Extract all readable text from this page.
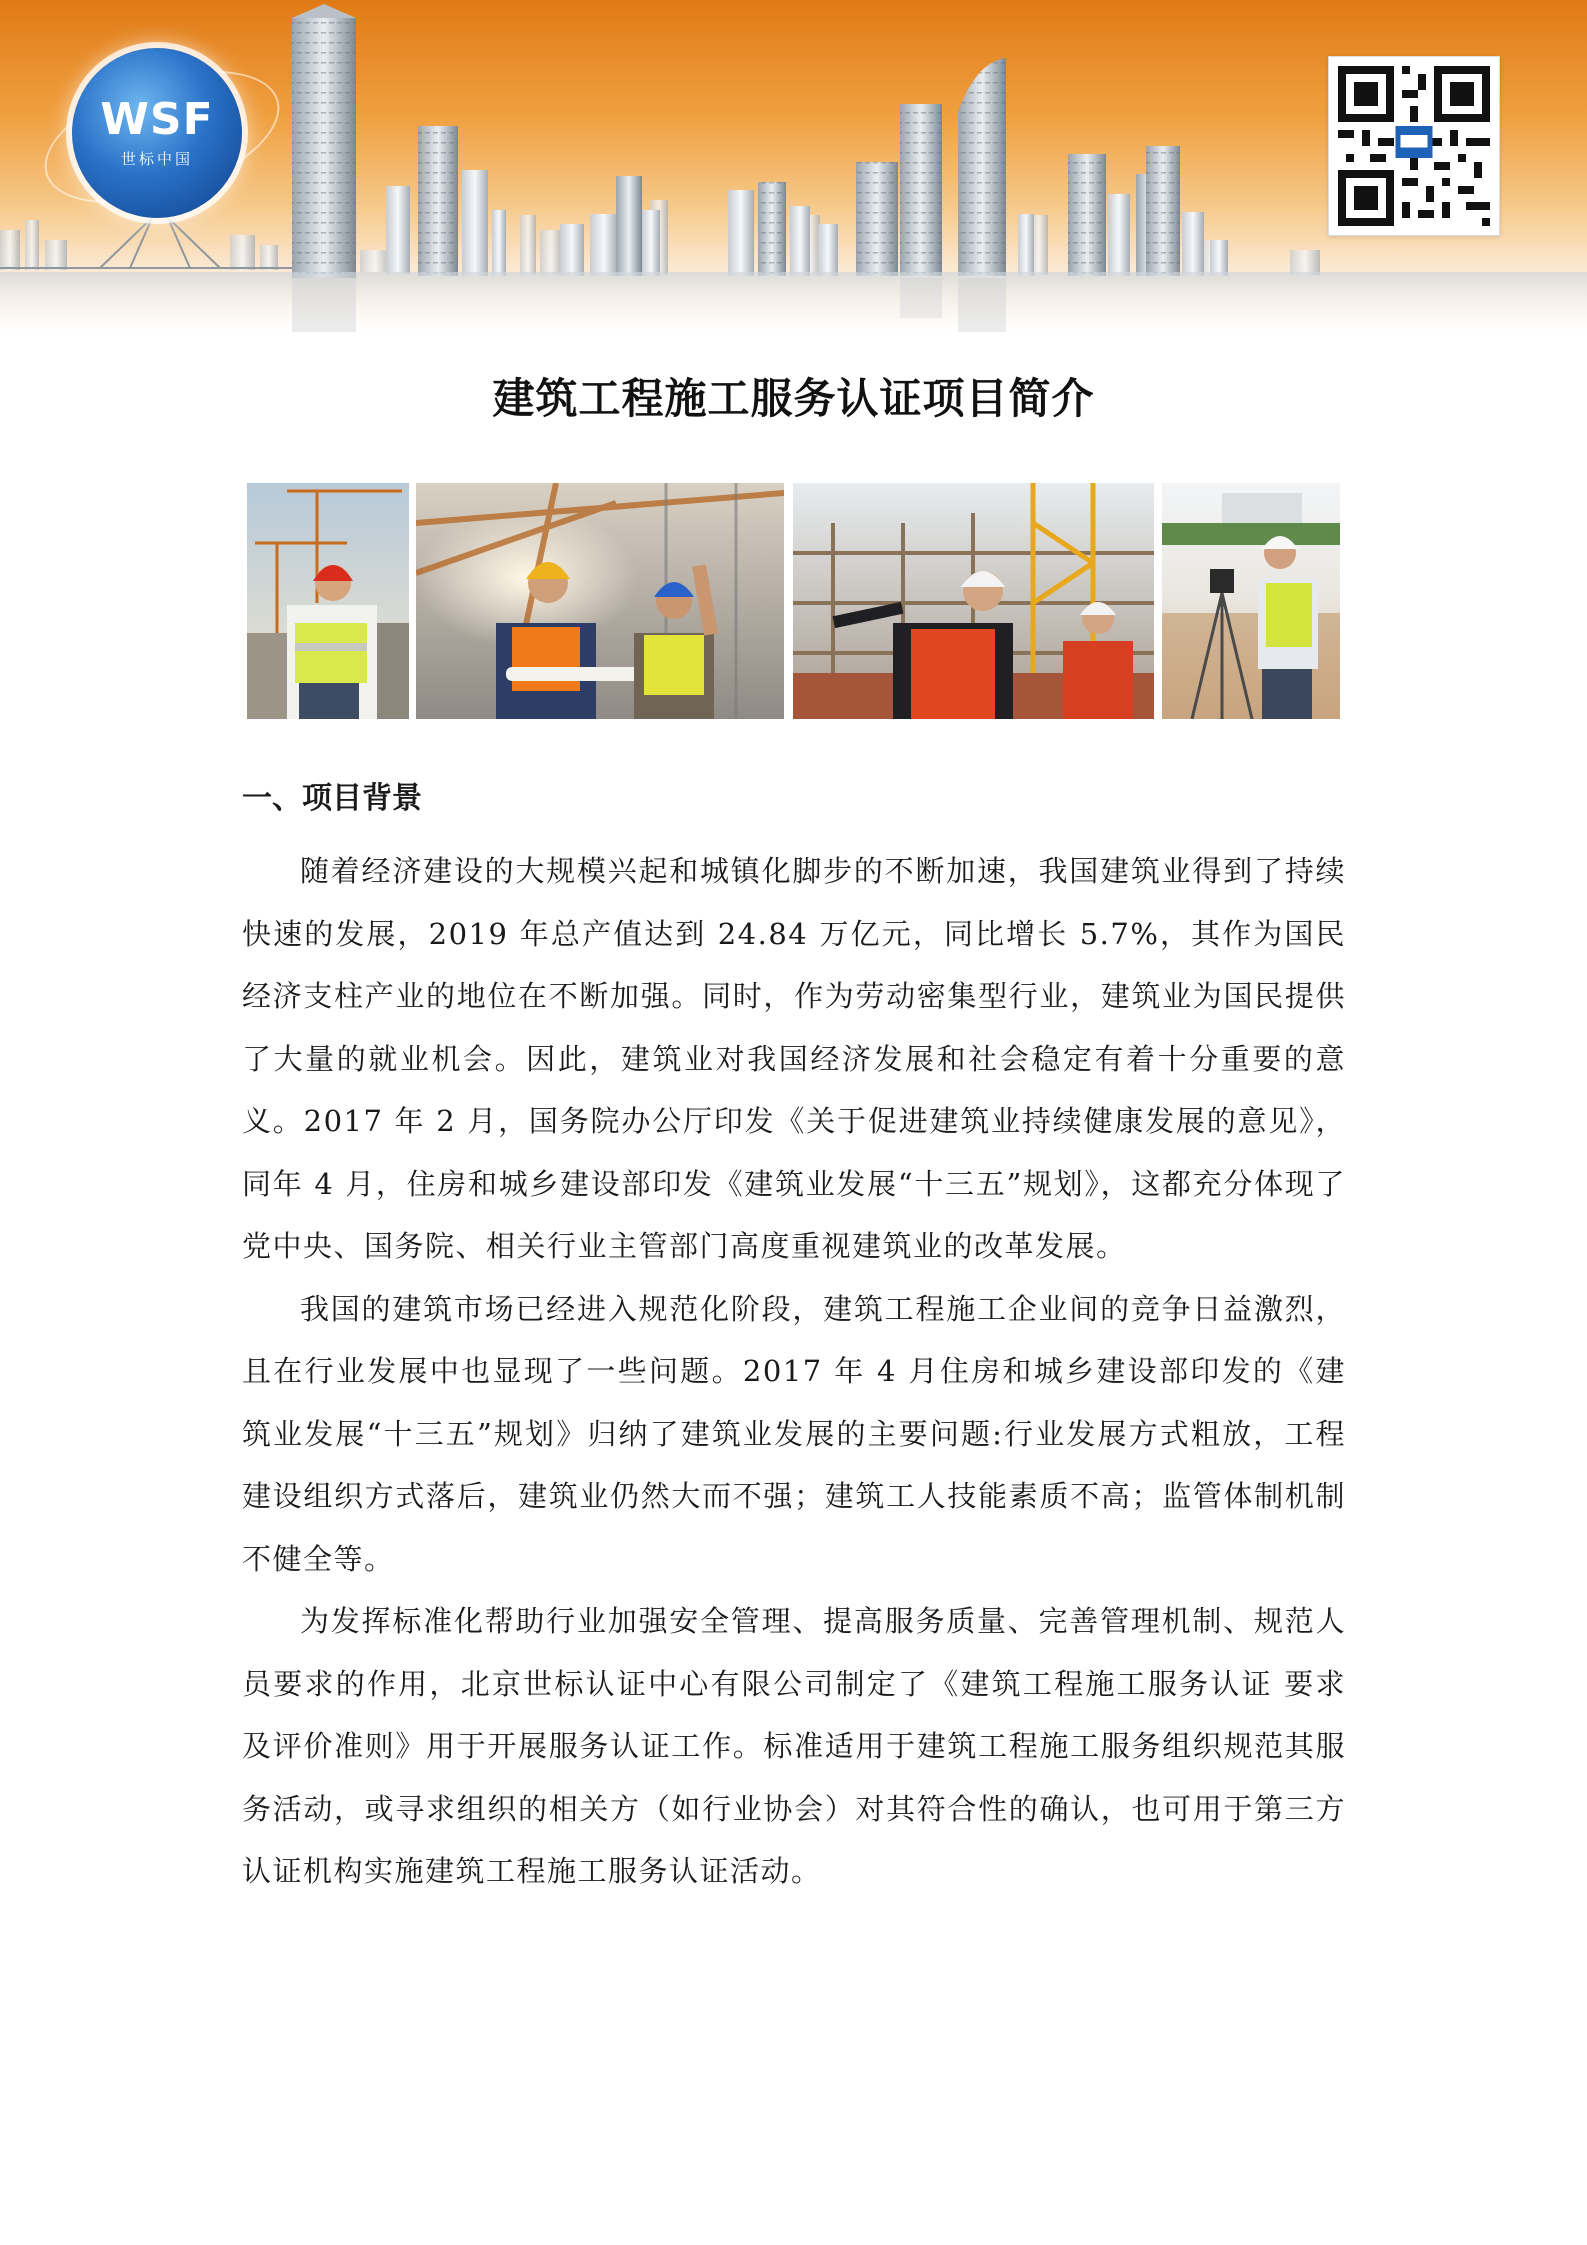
WSF
世标中国
建筑工程施工服务认证项目简介
一、项目背景

随着经济建设的大规模兴起和城镇化脚步的不断加速，我国建筑业得到了持续快速的发展，2019 年总产值达到 24.84 万亿元，同比增长 5.7%，其作为国民经济支柱产业的地位在不断加强。同时，作为劳动密集型行业，建筑业为国民提供了大量的就业机会。因此，建筑业对我国经济发展和社会稳定有着十分重要的意义。2017 年 2 月，国务院办公厅印发《关于促进建筑业持续健康发展的意见》，同年 4 月，住房和城乡建设部印发《建筑业发展“十三五”规划》，这都充分体现了党中央、国务院、相关行业主管部门高度重视建筑业的改革发展。

我国的建筑市场已经进入规范化阶段，建筑工程施工企业间的竞争日益激烈，且在行业发展中也显现了一些问题。2017 年 4 月住房和城乡建设部印发的《建筑业发展“十三五”规划》归纳了建筑业发展的主要问题:行业发展方式粗放，工程建设组织方式落后，建筑业仍然大而不强；建筑工人技能素质不高；监管体制机制不健全等。

为发挥标准化帮助行业加强安全管理、提高服务质量、完善管理机制、规范人员要求的作用，北京世标认证中心有限公司制定了《建筑工程施工服务认证 要求及评价准则》用于开展服务认证工作。标准适用于建筑工程施工服务组织规范其服务活动，或寻求组织的相关方（如行业协会）对其符合性的确认，也可用于第三方认证机构实施建筑工程施工服务认证活动。
